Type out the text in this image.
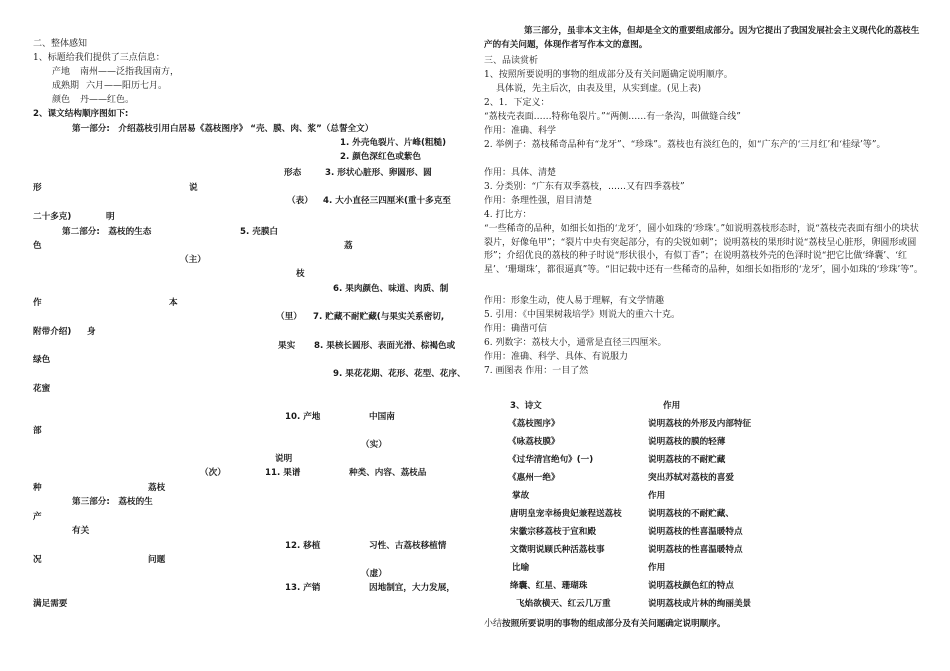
二、整体感知
1、标题给我们提供了三点信息：
产地 南州——泛指我国南方，
成熟期 六月——阳历七月。
颜色 丹——红色。
2、课文结构顺序图如下:
第一部分:　介绍荔枝引用白居易《荔枝图序》 “壳、膜、肉、浆”（总誓全文）
1. 外壳龟裂片、片峰(粗糙)
2. 颜色深红色或紫色
形态	3. 形状心脏形、卵圆形、圆
形	说
（表） 4. 大小直径三四厘米(重十多克至
二十多克)	明
第二部分:　荔枝的生态	5. 壳膜白
色	荔
（主）
枝
6. 果肉颜色、味道、肉质、制
作	本
（里） 7. 贮藏不耐贮藏(与果实关系密切,
附带介绍) 身
果实 8. 果核长圆形、表面光滑、棕褐色或
绿色
9. 果花花期、花形、花型、花序、
花蜜
10. 产地	中国南
部
（实）
说明
（次）	11. 果谱	种类、内容、荔枝品
种	荔枝
第三部分:　荔枝的生
产
有关
12. 移植	习性、古荔枝移植情
况	问题
（虚）
13. 产销	因地制宜，大力发展，
满足需要
第三部分，虽非本文主体，但却是全文的重要组成部分。因为它提出了我国发展社会主义现代化的荔枝生产的有关问题，体现作者写作本文的意图。
三、品读赏析
1、按照所要说明的事物的组成部分及有关问题确定说明顺序。
具体说，先主后次，由表及里，从实到虚。(见上表)
2、1．下定义：
“荔枝壳表面……特称龟裂片。”“两侧……有一条沟，叫做缝合线”
作用：准确、科学
2. 举例子：荔枝稀奇品种有“龙牙”、“珍珠”。荔枝也有淡红色的，如“广东产的‘三月红’和‘桂绿’等”。
作用：具体、清楚
3. 分类别：“广东有双季荔枝，……又有四季荔枝”
作用：条理性强，眉目清楚
4. 打比方：
“一些稀奇的品种，如细长如指的‘龙牙’，圆小如珠的‘珍珠’。”如说明荔枝形态时，说“荔枝壳表面有细小的块状裂片，好像龟甲”；“裂片中央有突起部分，有的尖锐如刺”；说明荔枝的果形时说“荔枝呈心脏形，卵圆形或圆形”；介绍优良的荔枝的种子时说“形状很小，有似丁香”；在说明荔枝外壳的色泽时说“把它比做‘绛囊’、‘红星’、‘珊瑚珠’，都很逼真”等。“旧记载中还有一些稀奇的品种，如细长如指形的‘龙牙’，圆小如珠的‘珍珠’等”。
作用：形象生动，使人易于理解，有文学情趣
5. 引用：《中国果树栽培学》则说大的重六十克。
作用：确凿可信
6. 列数字：荔枝大小，通常是直径三四厘米。
作用：准确、科学、具体、有说服力
7. 画图表 作用：一目了然
3、诗文	作用
《荔枝图序》	说明荔枝的外形及内部特征
《咏荔枝膜》	说明荔枝的膜的轻薄
《过华清宫绝句》(一)	说明荔枝的不耐贮藏
《惠州一绝》	突出苏轼对荔枝的喜爱
掌故	作用
唐明皇宠幸杨贵妃兼程送荔枝	说明荔枝的不耐贮藏、
宋徽宗移荔枝于宣和殿	说明荔枝的性喜温暖特点
文徵明说顾氏种活荔枝事	说明荔枝的性喜温暖特点
比喻	作用
绛囊、红星、珊瑚珠	说明荔枝颜色红的特点
飞焰欲横天、红云几万重	说明荔枝成片林的绚丽美景
小结按照所要说明的事物的组成部分及有关问题确定说明顺序。
